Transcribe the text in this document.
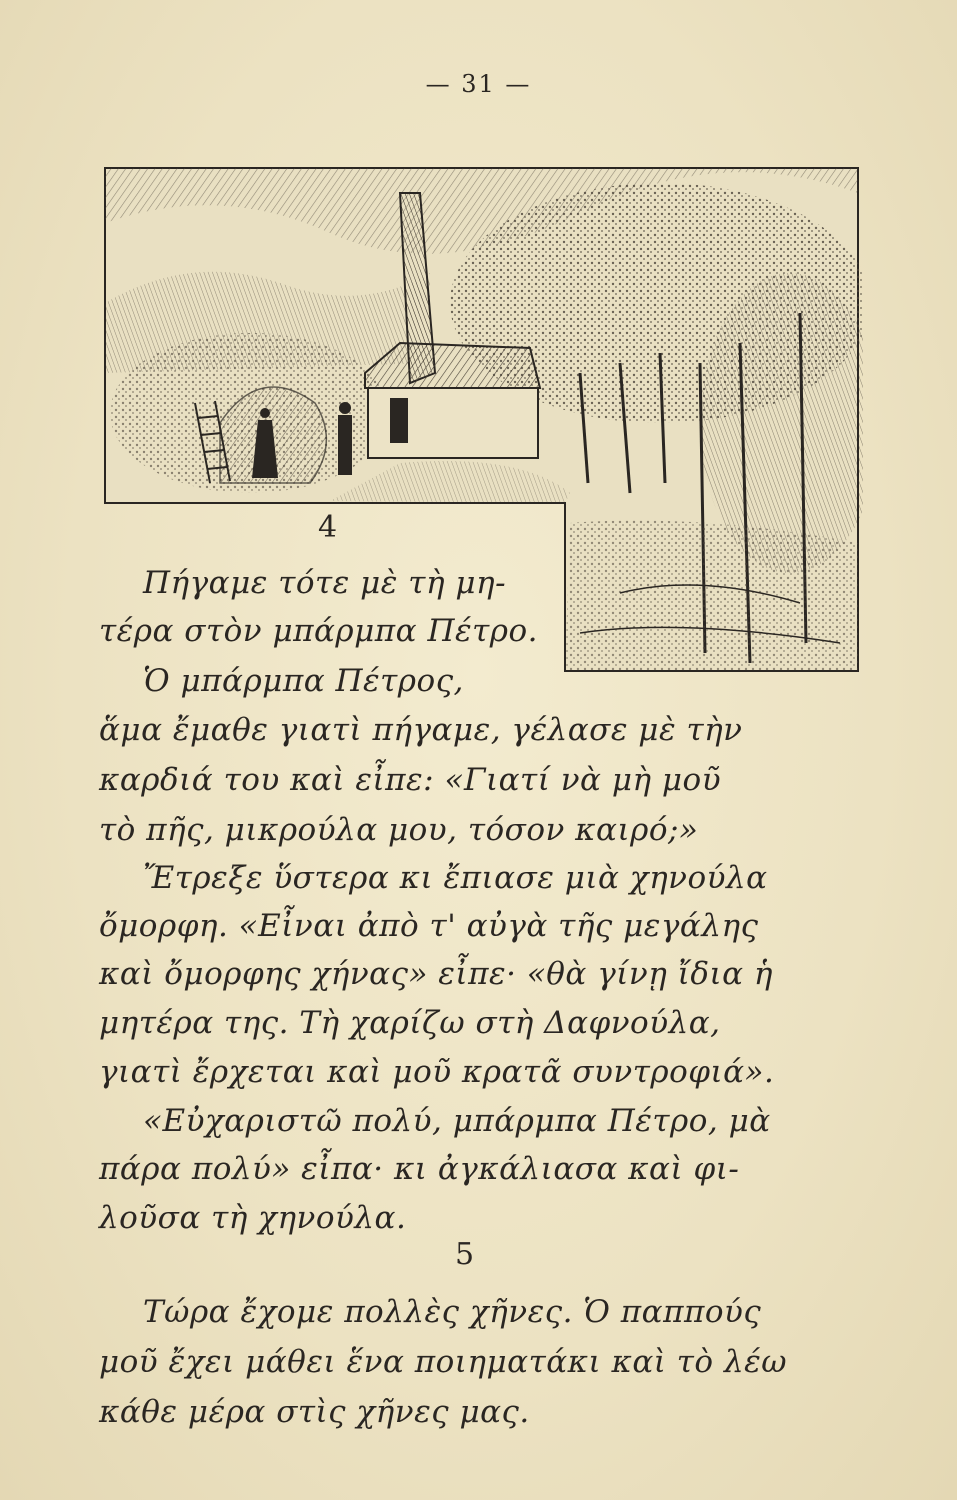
— 31 —
4
Πήγαμε τότε μὲ τὴ μη-
τέρα στὸν μπάρμπα Πέτρο.
Ὁ μπάρμπα Πέτρος,
ἅμα ἔμαθε γιατὶ πήγαμε, γέλασε μὲ τὴν
καρδιά του καὶ εἶπε: «Γιατί νὰ μὴ μοῦ
τὸ πῆς, μικρούλα μου, τόσον καιρό;»
Ἔτρεξε ὕστερα κι ἔπιασε μιὰ χηνούλα
ὄμορφη. «Εἶναι ἀπὸ τ' αὐγὰ τῆς μεγάλης
καὶ ὄμορφης χήνας» εἶπε· «θὰ γίνῃ ἴδια ἡ
μητέρα της. Τὴ χαρίζω στὴ Δαφνούλα,
γιατὶ ἔρχεται καὶ μοῦ κρατᾶ συντροφιά».
«Εὐχαριστῶ πολύ, μπάρμπα Πέτρο, μὰ
πάρα πολύ» εἶπα· κι ἀγκάλιασα καὶ φι-
λοῦσα τὴ χηνούλα.
5
Τώρα ἔχομε πολλὲς χῆνες. Ὁ παππούς
μοῦ ἔχει μάθει ἕνα ποιηματάκι καὶ τὸ λέω
κάθε μέρα στὶς χῆνες μας.
